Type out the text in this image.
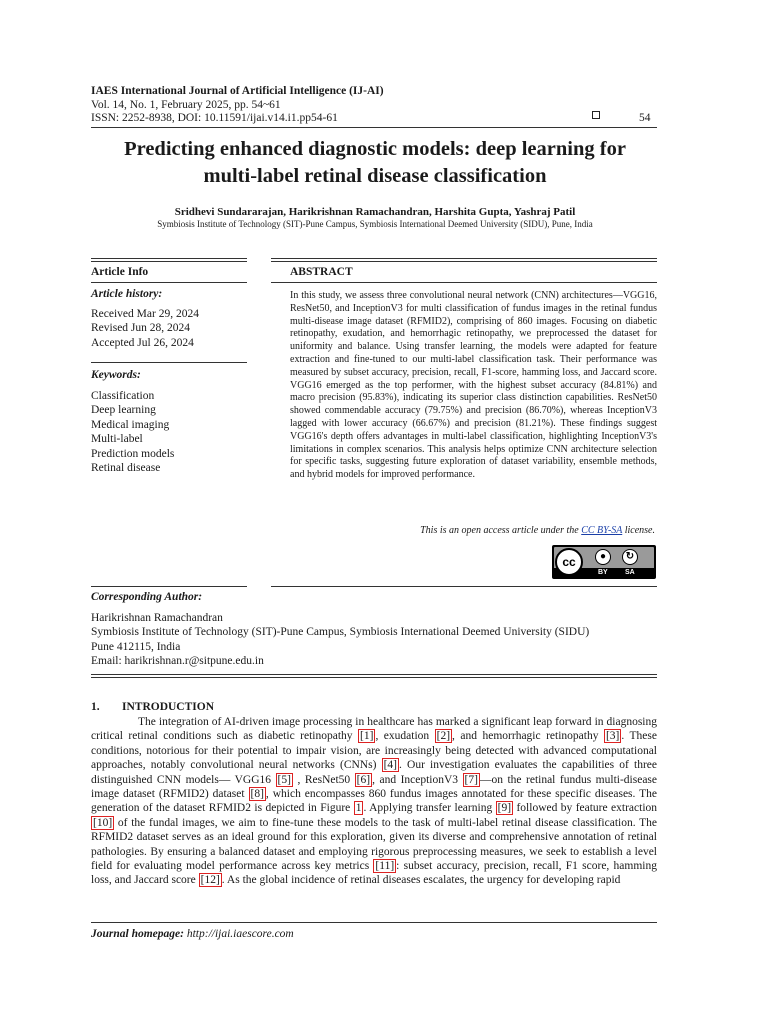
IAES International Journal of Artificial Intelligence (IJ-AI)
Vol. 14, No. 1, February 2025, pp. 54~61
ISSN: 2252-8938, DOI: 10.11591/ijai.v14.i1.pp54-61	54
Predicting enhanced diagnostic models: deep learning for
multi-label retinal disease classification
Sridhevi Sundararajan, Harikrishnan Ramachandran, Harshita Gupta, Yashraj Patil
Symbiosis Institute of Technology (SIT)-Pune Campus, Symbiosis International Deemed University (SIDU), Pune, India
Article Info
Article history:
Received Mar 29, 2024
Revised Jun 28, 2024
Accepted Jul 26, 2024
Keywords:
Classification
Deep learning
Medical imaging
Multi-label
Prediction models
Retinal disease
ABSTRACT
In this study, we assess three convolutional neural network (CNN) architectures—VGG16, ResNet50, and InceptionV3 for multi classification of fundus images in the retinal fundus multi-disease image dataset (RFMID2), comprising of 860 images. Focusing on diabetic retinopathy, exudation, and hemorrhagic retinopathy, we preprocessed the dataset for uniformity and balance. Using transfer learning, the models were adapted for feature extraction and fine-tuned to our multi-label classification task. Their performance was measured by subset accuracy, precision, recall, F1-score, hamming loss, and Jaccard score. VGG16 emerged as the top performer, with the highest subset accuracy (84.81%) and macro precision (95.83%), indicating its superior class distinction capabilities. ResNet50 showed commendable accuracy (79.75%) and precision (86.70%), whereas InceptionV3 lagged with lower accuracy (66.67%) and precision (81.21%). These findings suggest VGG16's depth offers advantages in multi-label classification, highlighting InceptionV3's limitations in complex scenarios. This analysis helps optimize CNN architecture selection for specific tasks, suggesting future exploration of dataset variability, ensemble methods, and hybrid models for improved performance.
This is an open access article under the CC BY-SA license.
cc	●	↻
BY SA
Corresponding Author:
Harikrishnan Ramachandran
Symbiosis Institute of Technology (SIT)-Pune Campus, Symbiosis International Deemed University (SIDU)
Pune 412115, India
Email: harikrishnan.r@sitpune.edu.in
1. INTRODUCTION
The integration of AI-driven image processing in healthcare has marked a significant leap forward in diagnosing critical retinal conditions such as diabetic retinopathy [1] , exudation [2] , and hemorrhagic retinopathy [3] . These conditions, notorious for their potential to impair vision, are increasingly being detected with advanced computational approaches, notably convolutional neural networks (CNNs) [4] . Our investigation evaluates the capabilities of three distinguished CNN models— VGG16 [5] , ResNet50 [6] , and InceptionV3 [7] —on the retinal fundus multi-disease image dataset (RFMID2) dataset [8] , which encompasses 860 fundus images annotated for these specific diseases. The generation of the dataset RFMID2 is depicted in Figure 1 . Applying transfer learning [9] followed by feature extraction [10] of the fundal images, we aim to fine-tune these models to the task of multi-label retinal disease classification. The RFMID2 dataset serves as an ideal ground for this exploration, given its diverse and comprehensive annotation of retinal pathologies. By ensuring a balanced dataset and employing rigorous preprocessing measures, we seek to establish a level field for evaluating model performance across key metrics [11] : subset accuracy, precision, recall, F1 score, hamming loss, and Jaccard score [12] . As the global incidence of retinal diseases escalates, the urgency for developing rapid
Journal homepage: http://ijai.iaescore.com
